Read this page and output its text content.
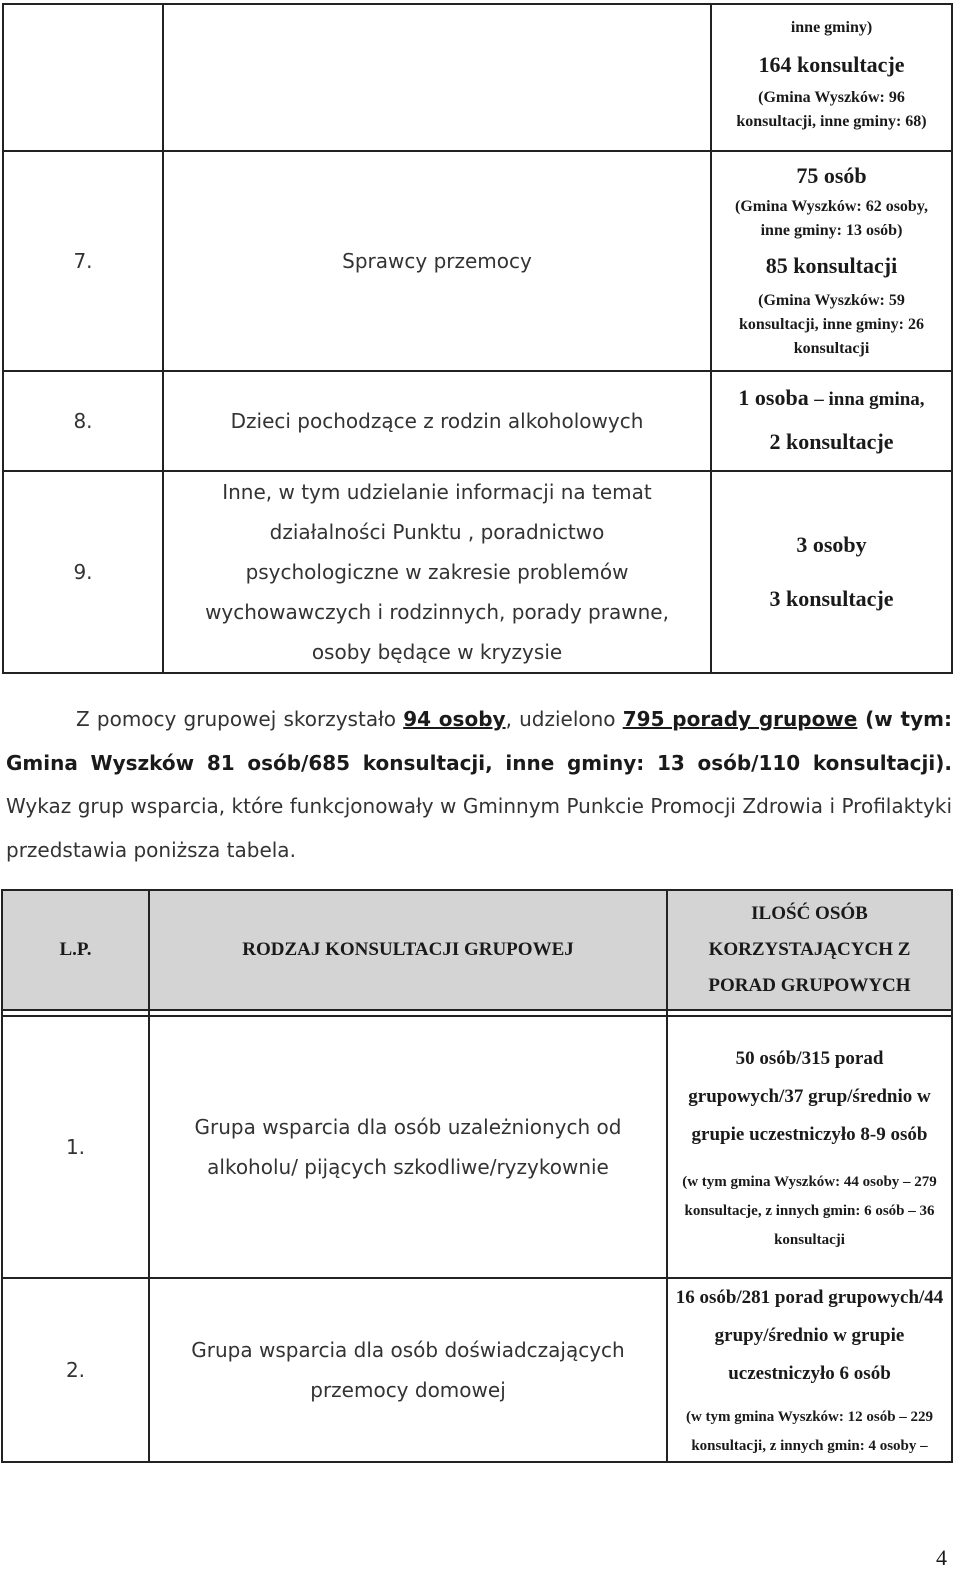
		inne gminy)
164 konsultacje
(Gmina Wyszków: 96 konsultacji, inne gminy: 68)

7.	Sprawcy przemocy	75 osób
(Gmina Wyszków: 62 osoby, inne gminy: 13 osób)
85 konsultacji
(Gmina Wyszków: 59 konsultacji, inne gminy: 26 konsultacji

8.	Dzieci pochodzące z rodzin alkoholowych	1 osoba – inna gmina,
2 konsultacje

9.	Inne, w tym udzielanie informacji na temat działalności Punktu , poradnictwo psychologiczne w zakresie problemów wychowawczych i rodzinnych, porady prawne, osoby będące w kryzysie	3 osoby
3 konsultacje
Z pomocy grupowej skorzystało 94 osoby, udzielono 795 porady grupowe (w tym: Gmina Wyszków 81 osób/685 konsultacji, inne gminy: 13 osób/110 konsultacji). Wykaz grup wsparcia, które funkcjonowały w Gminnym Punkcie Promocji Zdrowia i Profilaktyki przedstawia poniższa tabela.
L.P.	RODZAJ KONSULTACJI GRUPOWEJ	ILOŚĆ OSÓB KORZYSTAJĄCYCH Z PORAD GRUPOWYCH

1.	Grupa wsparcia dla osób uzależnionych od alkoholu/ pijących szkodliwe/ryzykownie	50 osób/315 porad grupowych/37 grup/średnio w grupie uczestniczyło 8-9 osób
(w tym gmina Wyszków: 44 osoby – 279 konsultacje, z innych gmin: 6 osób – 36 konsultacji

2.	Grupa wsparcia dla osób doświadczających przemocy domowej	16 osób/281 porad grupowych/44 grupy/średnio w grupie uczestniczyło 6 osób
(w tym gmina Wyszków: 12 osób – 229 konsultacji, z innych gmin: 4 osoby –
4
